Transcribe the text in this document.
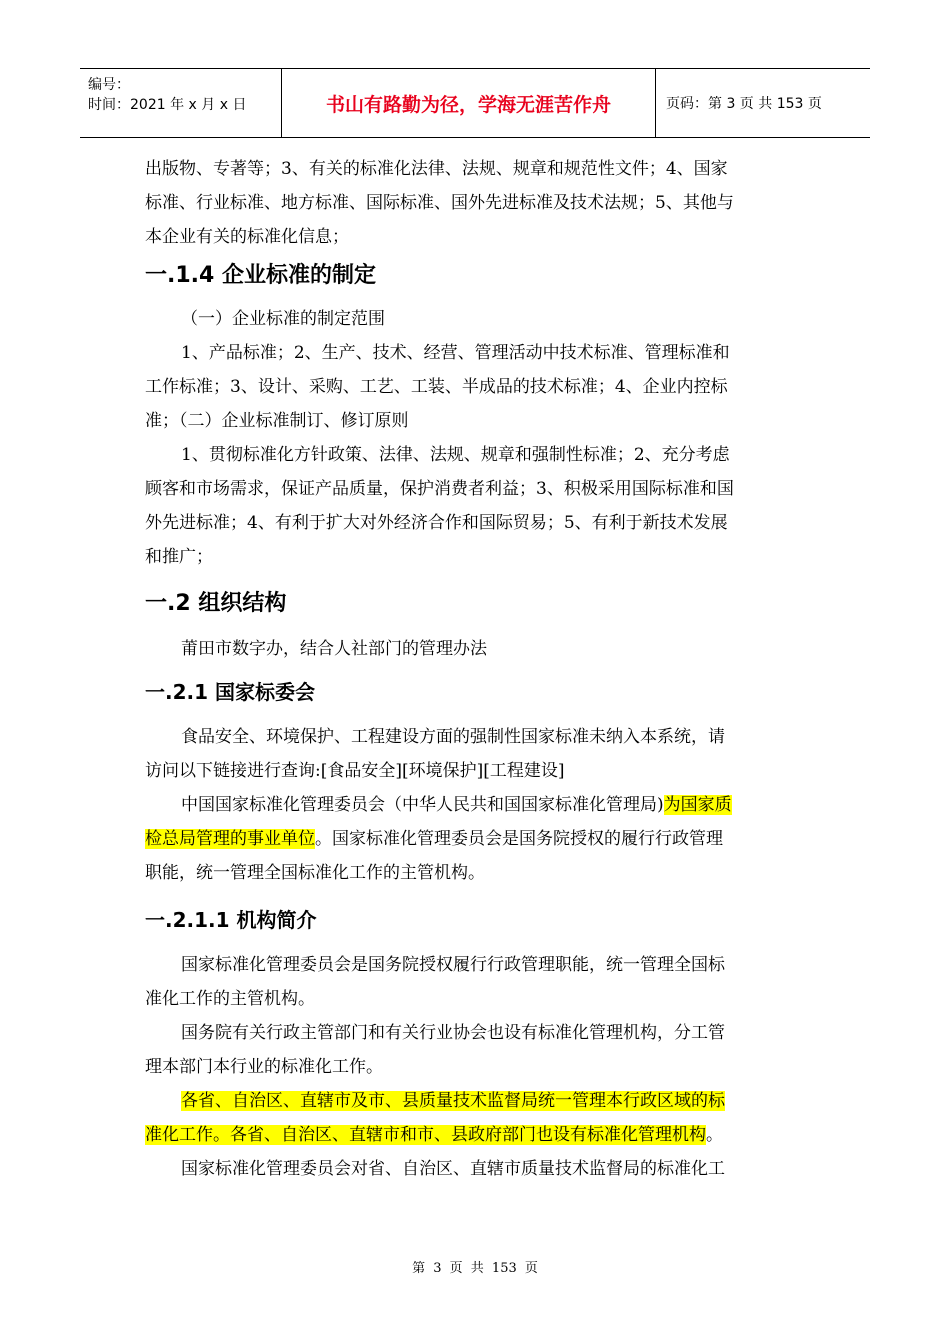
编号：
时间：2021 年 x 月 x 日	书山有路勤为径，学海无涯苦作舟	页码：第 3 页 共 153 页

出版物、专著等；3、有关的标准化法律、法规、规章和规范性文件；4、国家

标准、行业标准、地方标准、国际标准、国外先进标准及技术法规；5、其他与

本企业有关的标准化信息；

一.1.4 企业标准的制定

（一）企业标准的制定范围

1、产品标准；2、生产、技术、经营、管理活动中技术标准、管理标准和

工作标准；3、设计、采购、工艺、工装、半成品的技术标准；4、企业内控标

准；（二）企业标准制订、修订原则

1、贯彻标准化方针政策、法律、法规、规章和强制性标准；2、充分考虑

顾客和市场需求，保证产品质量，保护消费者利益；3、积极采用国际标准和国

外先进标准；4、有利于扩大对外经济合作和国际贸易；5、有利于新技术发展

和推广；

一.2 组织结构

莆田市数字办，结合人社部门的管理办法

一.2.1 国家标委会

食品安全、环境保护、工程建设方面的强制性国家标准未纳入本系统，请

访问以下链接进行查询:[食品安全][环境保护][工程建设]

中国国家标准化管理委员会（中华人民共和国国家标准化管理局)为国家质

检总局管理的事业单位。国家标准化管理委员会是国务院授权的履行行政管理

职能，统一管理全国标准化工作的主管机构。

一.2.1.1 机构简介

国家标准化管理委员会是国务院授权履行行政管理职能，统一管理全国标

准化工作的主管机构。

国务院有关行政主管部门和有关行业协会也设有标准化管理机构，分工管

理本部门本行业的标准化工作。

各省、自治区、直辖市及市、县质量技术监督局统一管理本行政区域的标

准化工作。各省、自治区、直辖市和市、县政府部门也设有标准化管理机构。

国家标准化管理委员会对省、自治区、直辖市质量技术监督局的标准化工

第 3 页 共 153 页
